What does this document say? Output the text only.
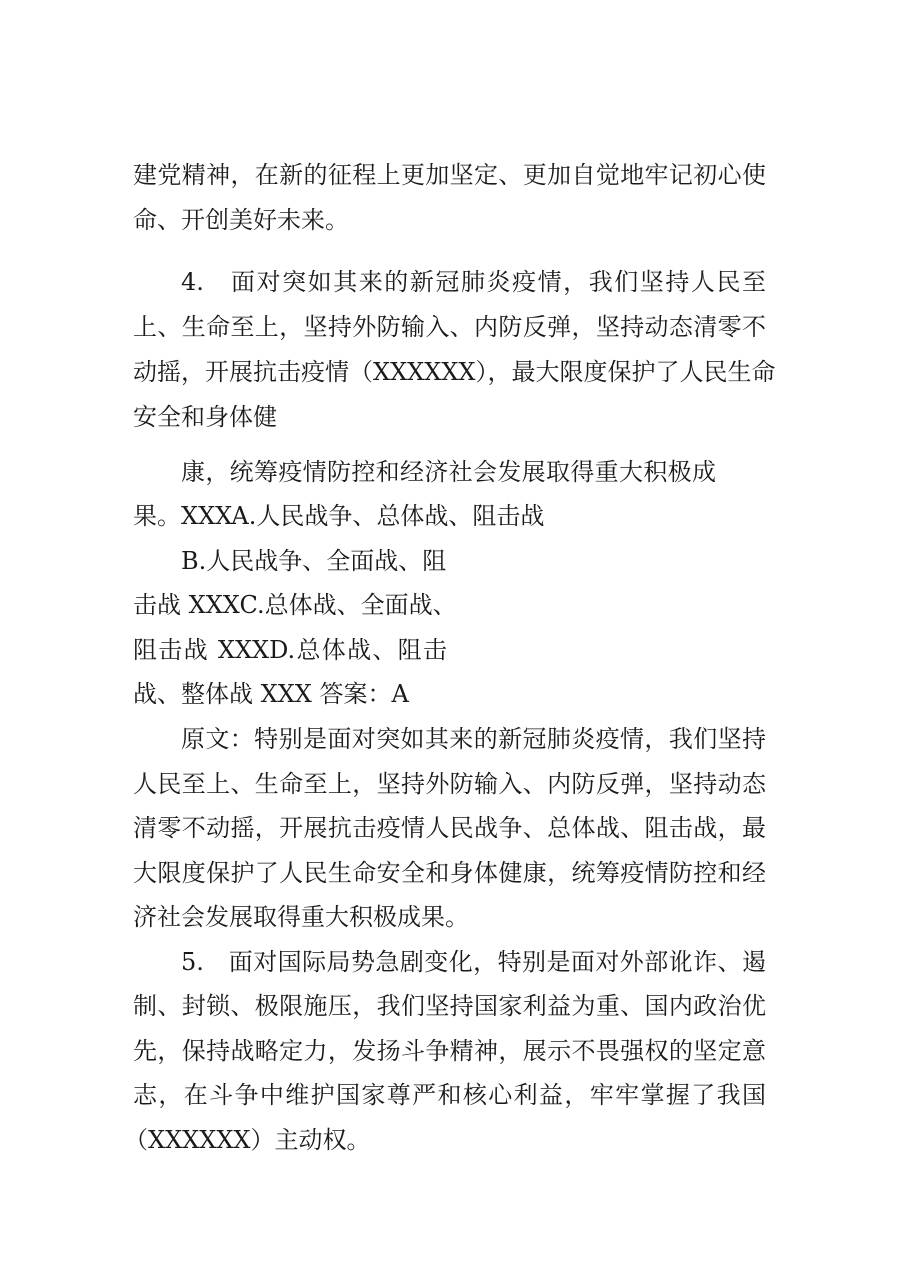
建党精神，在新的征程上更加坚定、更加自觉地牢记初心使
命、开创美好未来。
4.　面对突如其来的新冠肺炎疫情，我们坚持人民至
上、生命至上，坚持外防输入、内防反弹，坚持动态清零不
动摇，开展抗击疫情（XXXXXX），最大限度保护了人民生命
安全和身体健
康，统筹疫情防控和经济社会发展取得重大积极成
果。XXXA.人民战争、总体战、阻击战
B.人民战争、全面战、阻
击战 XXXC.总体战、全面战、
阻击战 XXXD.总体战、阻击
战、整体战 XXX 答案：A
原文：特别是面对突如其来的新冠肺炎疫情，我们坚持
人民至上、生命至上，坚持外防输入、内防反弹，坚持动态
清零不动摇，开展抗击疫情人民战争、总体战、阻击战，最
大限度保护了人民生命安全和身体健康，统筹疫情防控和经
济社会发展取得重大积极成果。
5.　面对国际局势急剧变化，特别是面对外部讹诈、遏
制、封锁、极限施压，我们坚持国家利益为重、国内政治优
先，保持战略定力，发扬斗争精神，展示不畏强权的坚定意
志，在斗争中维护国家尊严和核心利益，牢牢掌握了我国
（XXXXXX）主动权。
